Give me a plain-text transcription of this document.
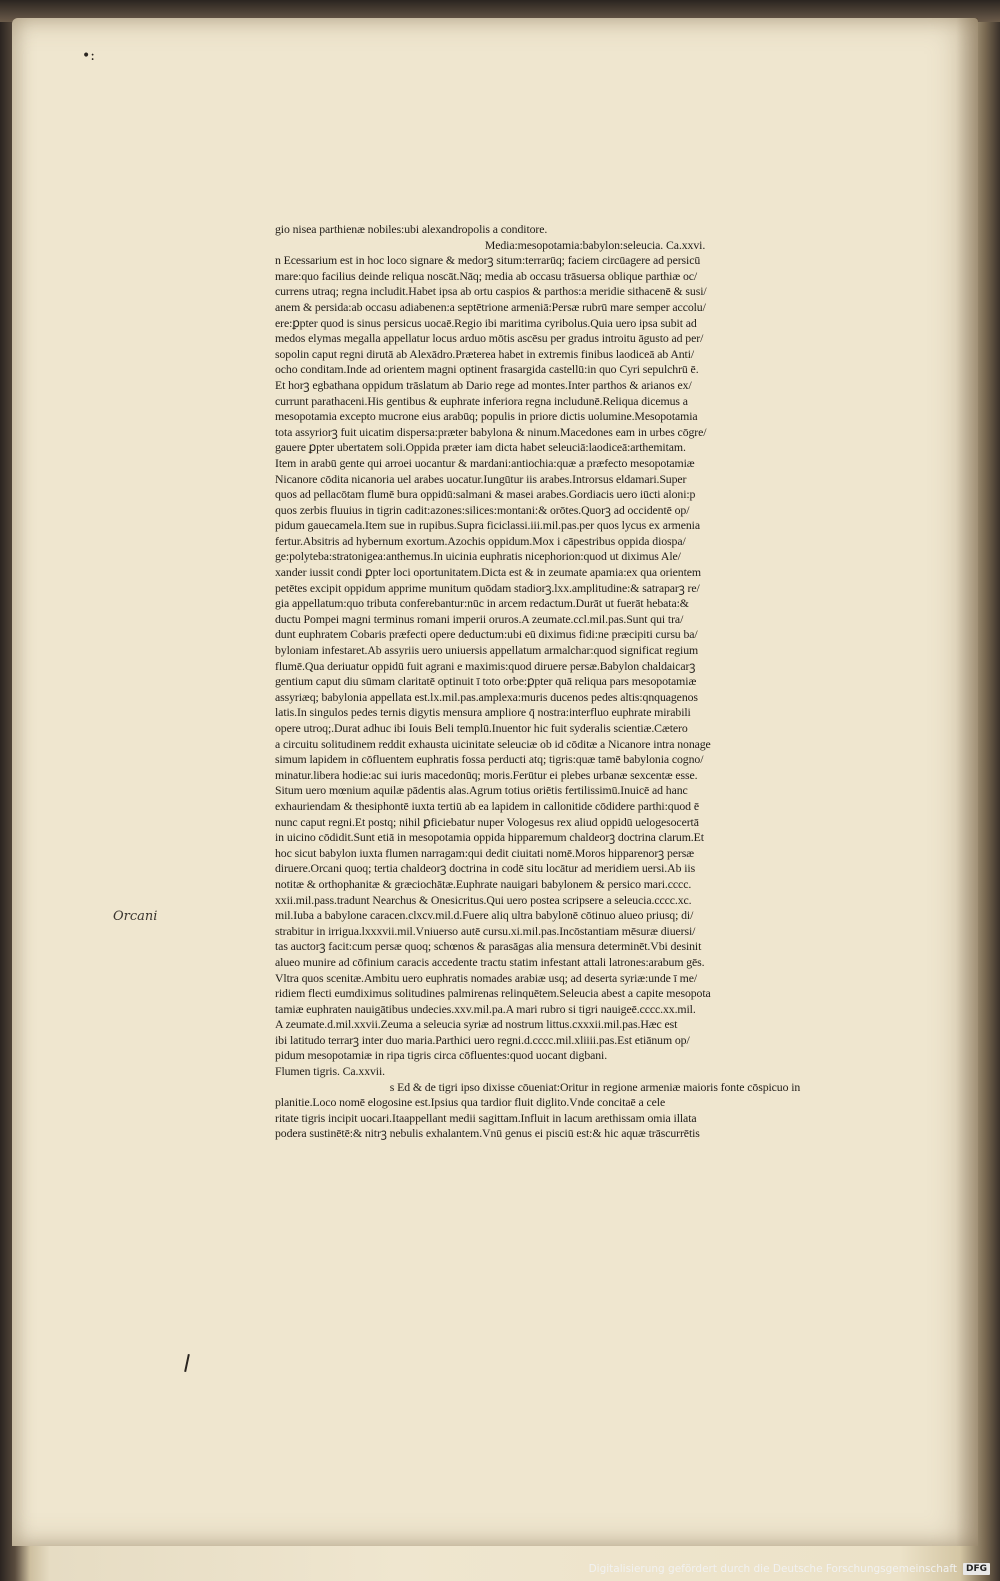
•:
Orcani
gio nisea parthienæ nobiles:ubi alexandropolis a conditore.
Media:mesopotamia:babylon:seleucia. Ca.xxvi.
n Ecessarium est in hoc loco signare & medorꝫ situm:terrarūq; faciem circūagere ad persicū
mare:quo facilius deinde reliqua noscāt.Nāq; media ab occasu trāsuersa oblique parthiæ oc/
currens utraq; regna includit.Habet ipsa ab ortu caspios & parthos:a meridie sithacenē & susi/
anem & persida:ab occasu adiabenen:a septētrione armeniā:Persæ rubrū mare semper accolu/
ere:ꝑpter quod is sinus persicus uocaē.Regio ibi maritima cyribolus.Quia uero ipsa subit ad
medos elymas megalla appellatur locus arduo mōtis ascēsu per gradus introitu āgusto ad per/
sopolin caput regni dirutā ab Alexādro.Præterea habet in extremis finibus laodiceā ab Anti/
ocho conditam.Inde ad orientem magni optinent frasargida castellū:in quo Cyri sepulchrū ē.
Et horꝫ egbathana oppidum trāslatum ab Dario rege ad montes.Inter parthos & arianos ex/
currunt parathaceni.His gentibus & euphrate inferiora regna includunē.Reliqua dicemus a
mesopotamia excepto mucrone eius arabūq; populis in priore dictis uolumine.Mesopotamia
tota assyriorꝫ fuit uicatim dispersa:præter babylona & ninum.Macedones eam in urbes cōgre/
gauere ꝑpter ubertatem soli.Oppida præter iam dicta habet seleuciā:laodiceā:arthemitam.
Item in arabū gente qui arroei uocantur & mardani:antiochia:quæ a præfecto mesopotamiæ
Nicanore cōdita nicanoria uel arabes uocatur.Iungūtur iis arabes.Introrsus eldamari.Super
quos ad pellacōtam flumē bura oppidū:salmani & masei arabes.Gordiacis uero iūcti aloni:p
quos zerbis fluuius in tigrin cadit:azones:silices:montani:& orōtes.Quorꝫ ad occidentē op/
pidum gauecamela.Item sue in rupibus.Supra ficiclassi.iii.mil.pas.per quos lycus ex armenia
fertur.Absitris ad hybernum exortum.Azochis oppidum.Mox i cāpestribus oppida diospa/
ge:polyteba:stratonigea:anthemus.In uicinia euphratis nicephorion:quod ut diximus Ale/
xander iussit condi ꝑpter loci oportunitatem.Dicta est & in zeumate apamia:ex qua orientem
petētes excipit oppidum apprime munitum quōdam stadiorꝫ.lxx.amplitudine:& satraparꝫ re/
gia appellatum:quo tributa conferebantur:nūc in arcem redactum.Durāt ut fuerāt hebata:&
ductu Pompei magni terminus romani imperii oruros.A zeumate.ccl.mil.pas.Sunt qui tra/
dunt euphratem Cobaris præfecti opere deductum:ubi eū diximus fidi:ne præcipiti cursu ba/
byloniam infestaret.Ab assyriis uero uniuersis appellatum armalchar:quod significat regium
flumē.Qua deriuatur oppidū fuit agrani e maximis:quod diruere persæ.Babylon chaldaicarꝫ
gentium caput diu sūmam claritatē optinuit ī toto orbe:ꝑpter quā reliqua pars mesopotamiæ
assyriæq; babylonia appellata est.lx.mil.pas.amplexa:muris ducenos pedes altis:qnquagenos
latis.In singulos pedes ternis digytis mensura ampliore q̄ nostra:interfluo euphrate mirabili
opere utroq;.Durat adhuc ibi Iouis Beli templū.Inuentor hic fuit syderalis scientiæ.Cætero
a circuitu solitudinem reddit exhausta uicinitate seleuciæ ob id cōditæ a Nicanore intra nonage
simum lapidem in cōfluentem euphratis fossa perducti atq; tigris:quæ tamē babylonia cogno/
minatur.libera hodie:ac sui iuris macedonūq; moris.Ferūtur ei plebes urbanæ sexcentæ esse.
Situm uero mœnium aquilæ pādentis alas.Agrum totius oriētis fertilissimū.Inuicē ad hanc
exhauriendam & thesiphontē iuxta tertiū ab ea lapidem in callonitide cōdidere parthi:quod ē
nunc caput regni.Et postq; nihil ꝑficiebatur nuper Vologesus rex aliud oppidū uelogesocertā
in uicino cōdidit.Sunt etiā in mesopotamia oppida hipparemum chaldeorꝫ doctrina clarum.Et
hoc sicut babylon iuxta flumen narragam:qui dedit ciuitati nomē.Moros hipparenorꝫ persæ
diruere.Orcani quoq; tertia chaldeorꝫ doctrina in codē situ locātur ad meridiem uersi.Ab iis
notitæ & orthophanitæ & græciochātæ.Euphrate nauigari babylonem & persico mari.cccc.
xxii.mil.pass.tradunt Nearchus & Onesicritus.Qui uero postea scripsere a seleucia.cccc.xc.
mil.Iuba a babylone caracen.clxcv.mil.d.Fuere aliq ultra babylonē cōtinuo alueo priusq; di/
strabitur in irrigua.lxxxvii.mil.Vniuerso autē cursu.xi.mil.pas.Incōstantiam mēsuræ diuersi/
tas auctorꝫ facit:cum persæ quoq; schœnos & parasāgas alia mensura determinēt.Vbi desinit
alueo munire ad cōfinium caracis accedente tractu statim infestant attali latrones:arabum gēs.
Vltra quos scenitæ.Ambitu uero euphratis nomades arabiæ usq; ad deserta syriæ:unde ī me/
ridiem flecti eumdiximus solitudines palmirenas relinquētem.Seleucia abest a capite mesopota
tamiæ euphraten nauigātibus undecies.xxv.mil.pa.A mari rubro si tigri nauigeē.cccc.xx.mil.
A zeumate.d.mil.xxvii.Zeuma a seleucia syriæ ad nostrum littus.cxxxii.mil.pas.Hæc est
ibi latitudo terrarꝫ inter duo maria.Parthici uero regni.d.cccc.mil.xliiii.pas.Est etiānum op/
pidum mesopotamiæ in ripa tigris circa cōfluentes:quod uocant digbani.
Flumen tigris. Ca.xxvii.
s Ed & de tigri ipso dixisse cōueniat:Oritur in regione armeniæ maioris fonte cōspicuo in
planitie.Loco nomē elogosine est.Ipsius qua tardior fluit diglito.Vnde concitaē a cele
ritate tigris incipit uocari.Itaappellant medii sagittam.Influit in lacum arethissam omia illata
podera sustinētē:& nitrꝫ nebulis exhalantem.Vnū genus ei pisciū est:& hic aquæ trāscurrētis
Digitalisierung gefördert durch die Deutsche Forschungsgemeinschaft	DFG
